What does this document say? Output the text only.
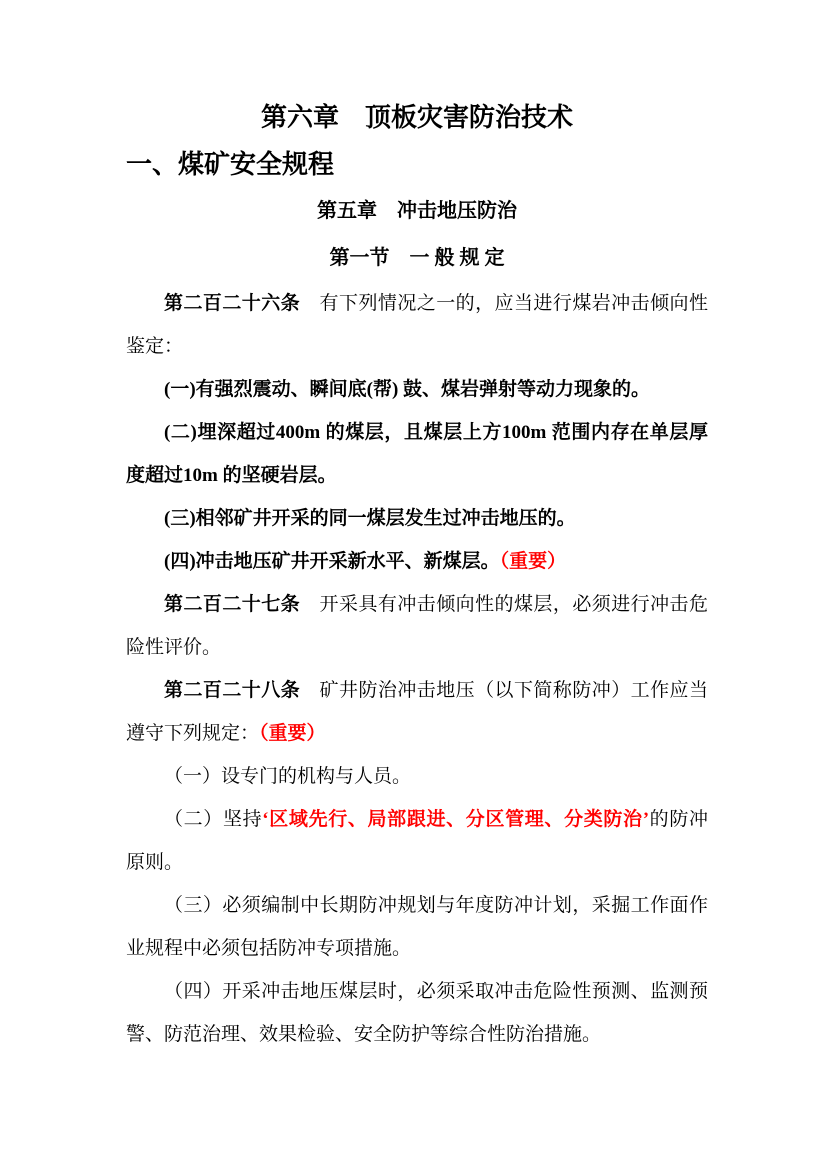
第六章　顶板灾害防治技术
一、煤矿安全规程
第五章　冲击地压防治
第一节　一 般 规 定

第二百二十六条　有下列情况之一的，应当进行煤岩冲击倾向性鉴定：

(一)有强烈震动、瞬间底(帮) 鼓、煤岩弹射等动力现象的。

(二)埋深超过400m 的煤层，且煤层上方100m 范围内存在单层厚度超过10m 的坚硬岩层。

(三)相邻矿井开采的同一煤层发生过冲击地压的。

(四)冲击地压矿井开采新水平、新煤层。（重要）

第二百二十七条　开采具有冲击倾向性的煤层，必须进行冲击危险性评价。

第二百二十八条　矿井防治冲击地压（以下简称防冲）工作应当遵守下列规定：（重要）

（一）设专门的机构与人员。

（二）坚持‘区域先行、局部跟进、分区管理、分类防治’的防冲原则。

（三）必须编制中长期防冲规划与年度防冲计划，采掘工作面作业规程中必须包括防冲专项措施。

（四）开采冲击地压煤层时，必须采取冲击危险性预测、监测预警、防范治理、效果检验、安全防护等综合性防治措施。
